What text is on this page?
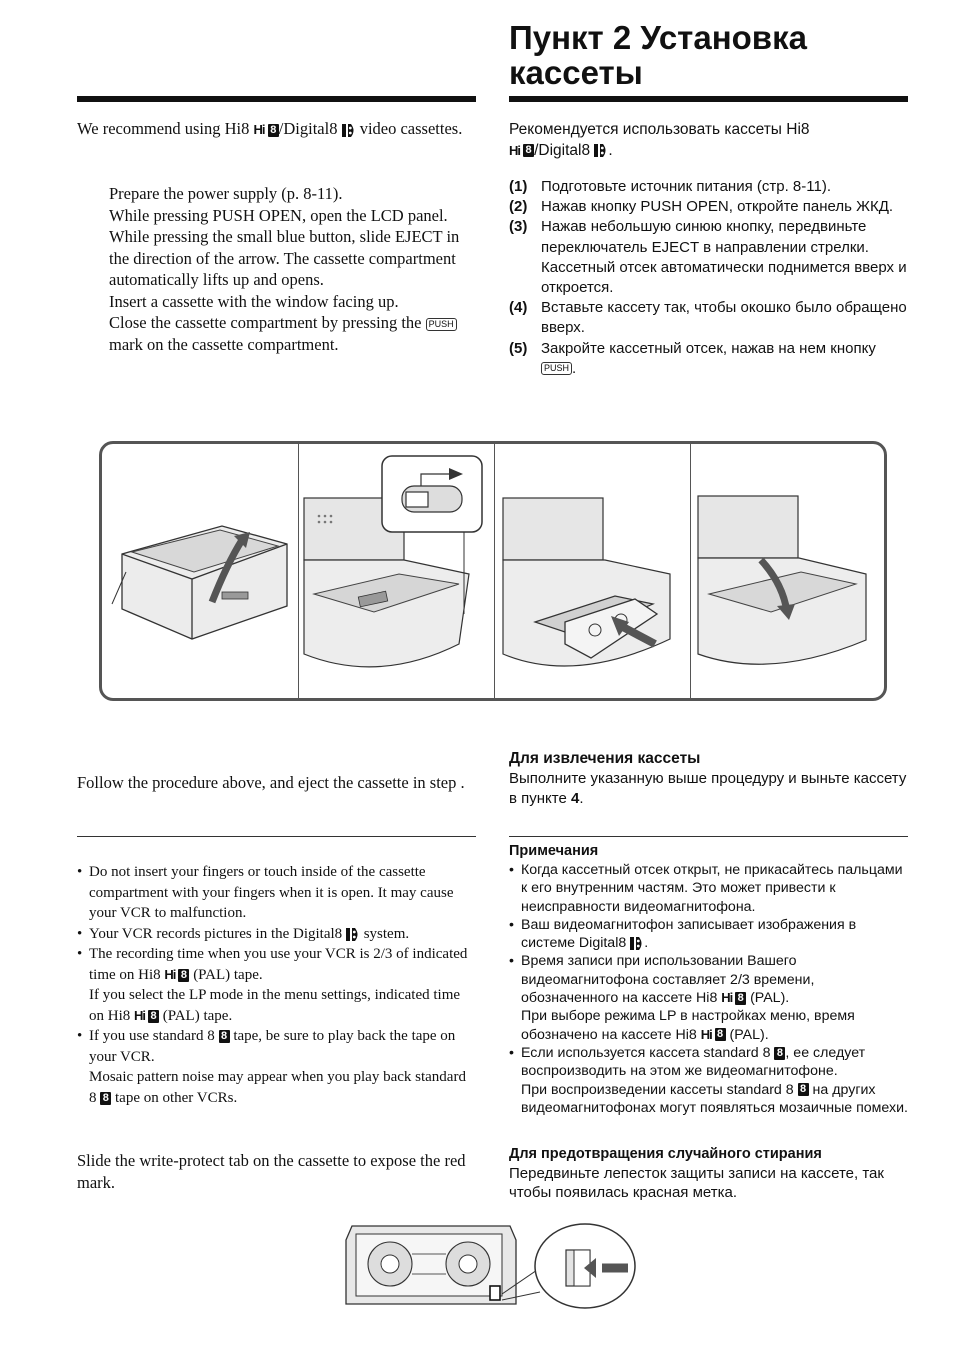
Пункт 2 Установка
кассеты
We recommend using Hi8 Hi  8 /Digital8  video cassettes.	Рекомендуется использовать кассеты Hi8
Hi  8 /Digital8 .
Prepare the power supply (p. 8-11).
While pressing PUSH OPEN, open the LCD panel.
While pressing the small blue button, slide EJECT in the direction of the arrow. The cassette compartment automatically lifts up and opens.
Insert a cassette with the window facing up.
Close the cassette compartment by pressing the PUSH mark on the cassette compartment.
(1) Подготовьте источник питания (стр. 8-11).
(2) Нажав кнопку PUSH OPEN, откройте панель ЖКД.
(3) Нажав небольшую синюю кнопку, передвиньте переключатель EJECT в направлении стрелки. Кассетный отсек автоматически поднимется вверх и откроется.
(4) Вставьте кассету так, чтобы окошко было обращено вверх.
(5) Закройте кассетный отсек, нажав на нем кнопку PUSH .
Follow the procedure above, and eject the cassette in step .
Для извлечения кассеты
Выполните указанную выше процедуру и выньте кассету в пункте 4.
• Do not insert your fingers or touch inside of the cassette compartment with your fingers when it is open. It may cause your VCR to malfunction.
• Your VCR records pictures in the Digital8  system.
• The recording time when you use your VCR is 2/3 of indicated time on Hi8 Hi  8 (PAL) tape.
If you select the LP mode in the menu settings, indicated time on Hi8 Hi  8 (PAL) tape.
• If you use standard 8 8 tape, be sure to play back the tape on your VCR.
Mosaic pattern noise may appear when you play back standard 8 8 tape on other VCRs.
Примечания
• Когда кассетный отсек открыт, не прикасайтесь пальцами к его внутренним частям. Это может привести к неисправности видеомагнитофона.
• Ваш видеомагнитофон записывает изображения в системе Digital8 .
• Время записи при использовании Вашего видеомагнитофона составляет 2/3 времени, обозначенного на кассете Hi8 Hi  8 (PAL).
При выборе режима LP в настройках меню, время обозначено на кассете Hi8 Hi  8 (PAL).
• Если используется кассета standard 8 8 , ее следует воспроизводить на этом же видеомагнитофоне.
При воспроизведении кассеты standard 8 8 на других видеомагнитофонах могут появляться мозаичные помехи.
Slide the write-protect tab on the cassette to expose the red mark.
Для предотвращения случайного стирания
Передвиньте лепесток защиты записи на кассете, так чтобы появилась красная метка.
